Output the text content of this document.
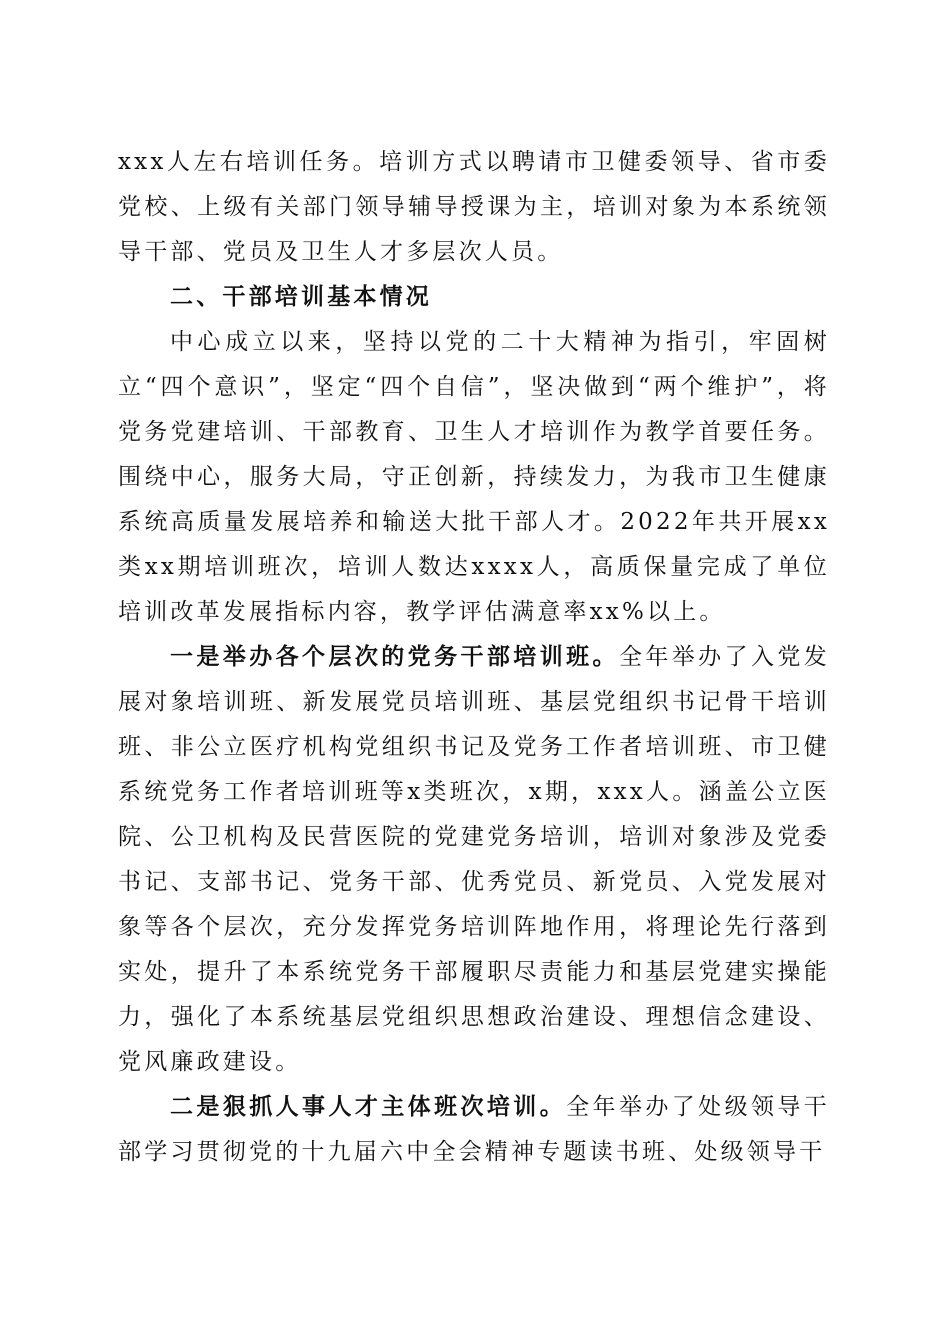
xxx人左右培训任务。培训方式以聘请市卫健委领导、省市委党校、上级有关部门领导辅导授课为主，培训对象为本系统领导干部、党员及卫生人才多层次人员。

二、干部培训基本情况

中心成立以来，坚持以党的二十大精神为指引，牢固树立“四个意识”，坚定“四个自信”，坚决做到“两个维护”，将党务党建培训、干部教育、卫生人才培训作为教学首要任务。围绕中心，服务大局，守正创新，持续发力，为我市卫生健康系统高质量发展培养和输送大批干部人才。2022年共开展xx类xx期培训班次，培训人数达xxxx人，高质保量完成了单位培训改革发展指标内容，教学评估满意率xx%以上。

一是举办各个层次的党务干部培训班。全年举办了入党发展对象培训班、新发展党员培训班、基层党组织书记骨干培训班、非公立医疗机构党组织书记及党务工作者培训班、市卫健系统党务工作者培训班等x类班次，x期，xxx人。涵盖公立医院、公卫机构及民营医院的党建党务培训，培训对象涉及党委书记、支部书记、党务干部、优秀党员、新党员、入党发展对象等各个层次，充分发挥党务培训阵地作用，将理论先行落到实处，提升了本系统党务干部履职尽责能力和基层党建实操能力，强化了本系统基层党组织思想政治建设、理想信念建设、党风廉政建设。

二是狠抓人事人才主体班次培训。全年举办了处级领导干部学习贯彻党的十九届六中全会精神专题读书班、处级领导干
